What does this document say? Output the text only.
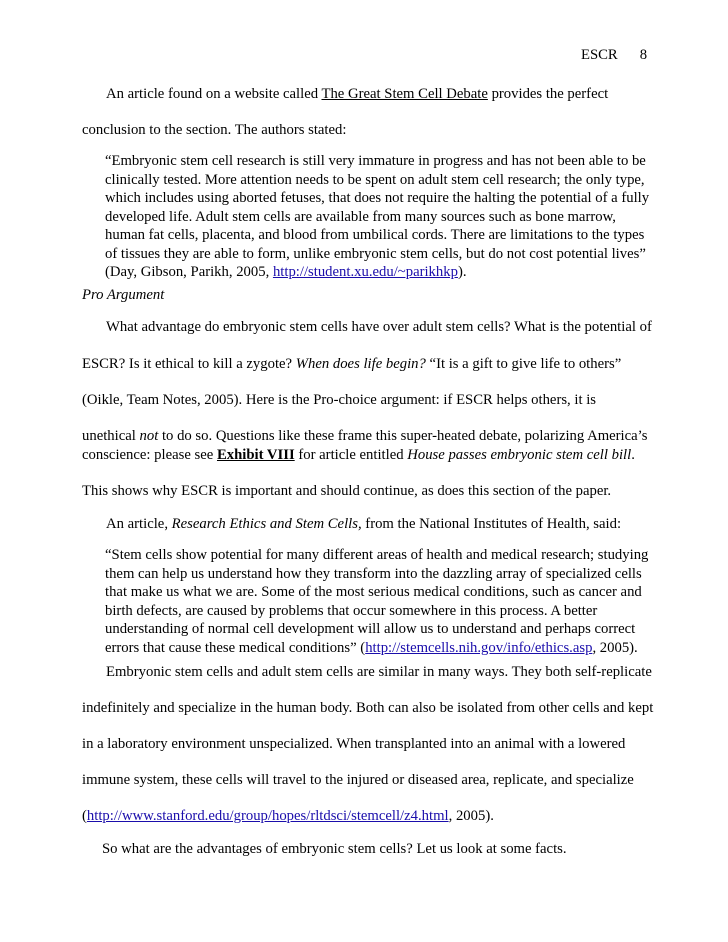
ESCR 8
An article found on a website called The Great Stem Cell Debate provides the perfect
conclusion to the section. The authors stated:
“Embryonic stem cell research is still very immature in progress and has not been able to be
clinically tested. More attention needs to be spent on adult stem cell research; the only type,
which includes using aborted fetuses, that does not require the halting the potential of a fully
developed life. Adult stem cells are available from many sources such as bone marrow,
human fat cells, placenta, and blood from umbilical cords. There are limitations to the types
of tissues they are able to form, unlike embryonic stem cells, but do not cost potential lives”
(Day, Gibson, Parikh, 2005, http://student.xu.edu/~parikhkp).
Pro Argument
What advantage do embryonic stem cells have over adult stem cells? What is the potential of
ESCR? Is it ethical to kill a zygote? When does life begin? “It is a gift to give life to others”
(Oikle, Team Notes, 2005). Here is the Pro-choice argument: if ESCR helps others, it is
unethical not to do so. Questions like these frame this super-heated debate, polarizing America’s
conscience: please see Exhibit VIII for article entitled House passes embryonic stem cell bill.
This shows why ESCR is important and should continue, as does this section of the paper.
An article, Research Ethics and Stem Cells, from the National Institutes of Health, said:
“Stem cells show potential for many different areas of health and medical research; studying
them can help us understand how they transform into the dazzling array of specialized cells
that make us what we are. Some of the most serious medical conditions, such as cancer and
birth defects, are caused by problems that occur somewhere in this process. A better
understanding of normal cell development will allow us to understand and perhaps correct
errors that cause these medical conditions” (http://stemcells.nih.gov/info/ethics.asp, 2005).
Embryonic stem cells and adult stem cells are similar in many ways. They both self-replicate
indefinitely and specialize in the human body. Both can also be isolated from other cells and kept
in a laboratory environment unspecialized. When transplanted into an animal with a lowered
immune system, these cells will travel to the injured or diseased area, replicate, and specialize
(http://www.stanford.edu/group/hopes/rltdsci/stemcell/z4.html, 2005).
So what are the advantages of embryonic stem cells? Let us look at some facts.
